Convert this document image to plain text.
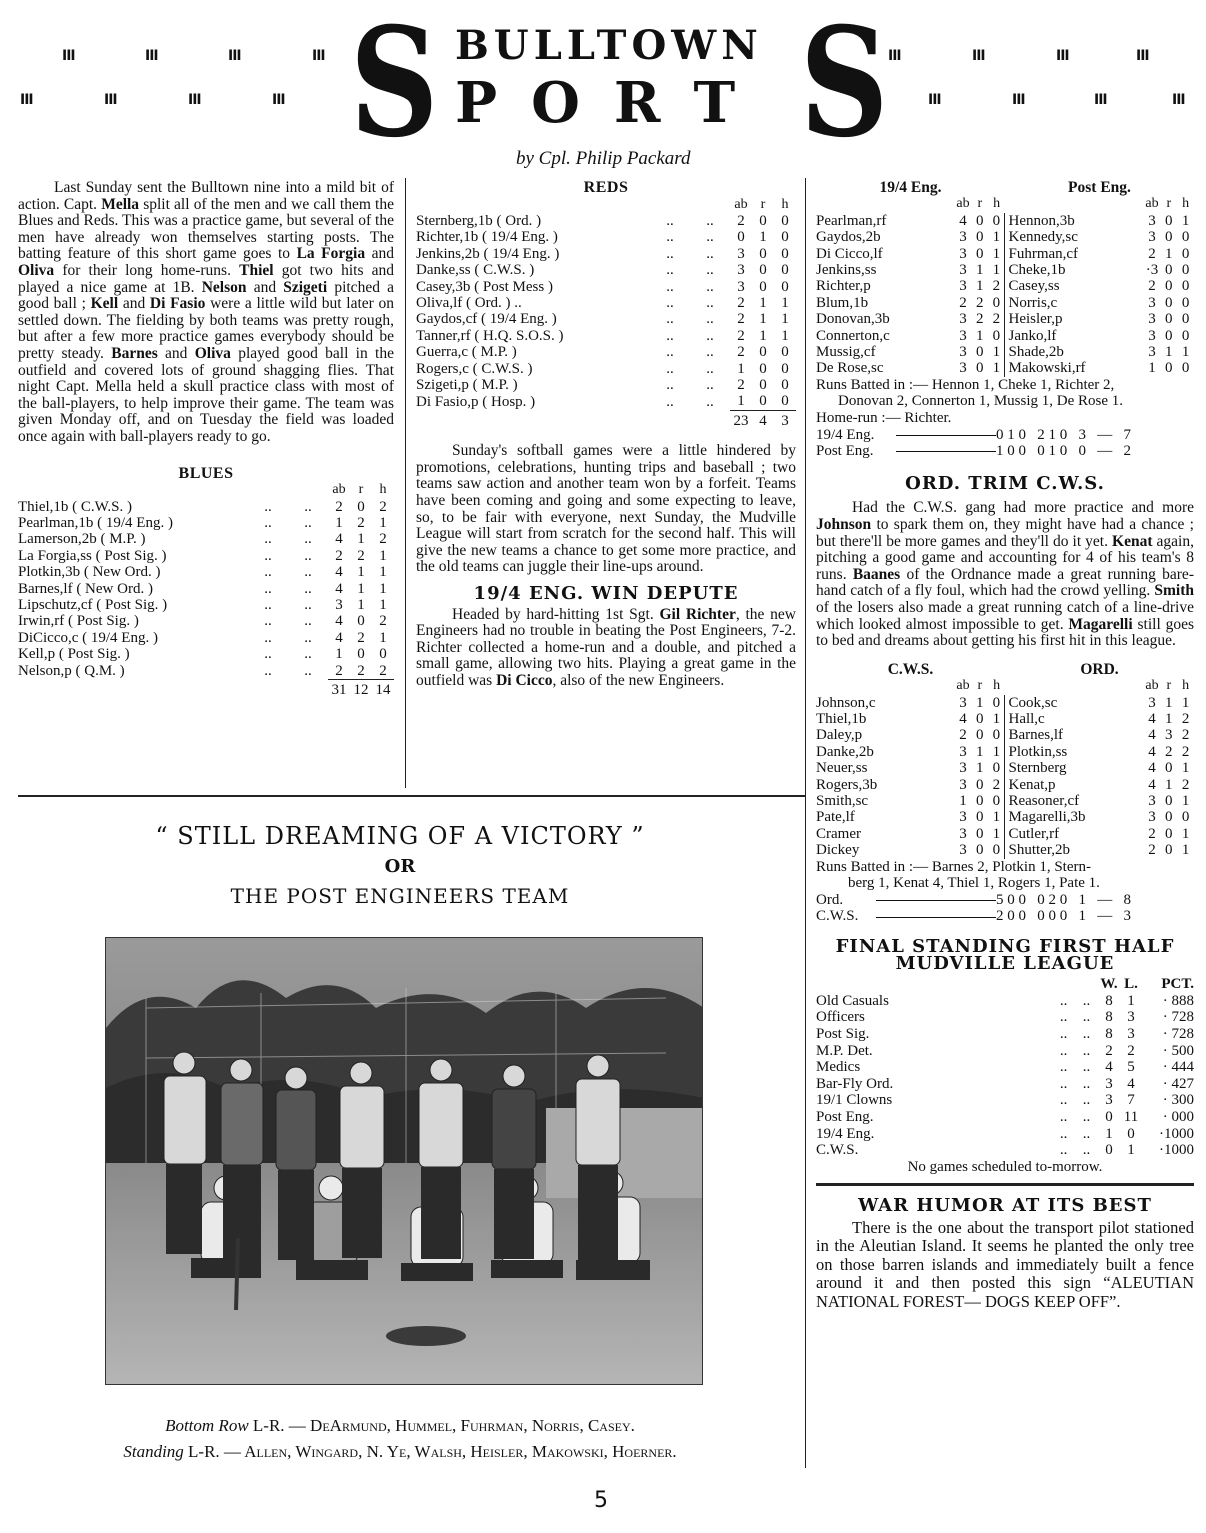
III	III	III	III
III	III	III	III S BULLTOWN
PORT S III	III	III	III
III	III	III	III
by Cpl. Philip Packard

Last Sunday sent the Bulltown nine into a mild bit of action. Capt. Mella split all of the men and we call them the Blues and Reds. This was a practice game, but several of the men have already won themselves starting posts. The batting feature of this short game goes to La Forgia and Oliva for their long home-runs. Thiel got two hits and played a nice game at 1B. Nelson and Szigeti pitched a good ball ; Kell and Di Fasio were a little wild but later on settled down. The fielding by both teams was pretty rough, but after a few more practice games everybody should be pretty steady. Barnes and Oliva played good ball in the outfield and covered lots of ground shagging flies. That night Capt. Mella held a skull practice class with most of the ball-players, to help improve their game. The team was given Monday off, and on Tuesday the field was loaded once again with ball-players ready to go.

BLUES
			ab	r	h
Thiel,1b ( C.W.S. )	..	..	2	0	2
Pearlman,1b ( 19/4 Eng. )	..	..	1	2	1
Lamerson,2b ( M.P. )	..	..	4	1	2
La Forgia,ss ( Post Sig. )	..	..	2	2	1
Plotkin,3b ( New Ord. )	..	..	4	1	1
Barnes,lf ( New Ord. )	..	..	4	1	1
Lipschutz,cf ( Post Sig. )	..	..	3	1	1
Irwin,rf ( Post Sig. )	..	..	4	0	2
DiCicco,c ( 19/4 Eng. )	..	..	4	2	1
Kell,p ( Post Sig. )	..	..	1	0	0
Nelson,p ( Q.M. )	..	..	2	2	2
			31	12	14
REDS
			ab	r	h
Sternberg,1b ( Ord. )	..	..	2	0	0
Richter,1b ( 19/4 Eng. )	..	..	0	1	0
Jenkins,2b ( 19/4 Eng. )	..	..	3	0	0
Danke,ss ( C.W.S. )	..	..	3	0	0
Casey,3b ( Post Mess )	..	..	3	0	0
Oliva,lf ( Ord. ) ..	..	..	2	1	1
Gaydos,cf ( 19/4 Eng. )	..	..	2	1	1
Tanner,rf ( H.Q. S.O.S. )	..	..	2	1	1
Guerra,c ( M.P. )	..	..	2	0	0
Rogers,c ( C.W.S. )	..	..	1	0	0
Szigeti,p ( M.P. )	..	..	2	0	0
Di Fasio,p ( Hosp. )	..	..	1	0	0
			23	4	3

Sunday's softball games were a little hindered by promotions, celebrations, hunting trips and baseball ; two teams saw action and another team won by a forfeit. Teams have been coming and going and some expecting to leave, so, to be fair with everyone, next Sunday, the Mudville League will start from scratch for the second half. This will give the new teams a chance to get some more practice, and the old teams can juggle their line-ups around.

19/4 ENG. WIN DEPUTE

Headed by hard-hitting 1st Sgt. Gil Richter, the new Engineers had no trouble in beating the Post Engineers, 7-2. Richter collected a home-run and a double, and pitched a small game, allowing two hits. Playing a great game in the outfield was Di Cicco, also of the new Engineers.

19/4 Eng.				Post Eng.			
	ab	r	h		ab	r	h
Pearlman,rf	4	0	0	Hennon,3b	3	0	1
Gaydos,2b	3	0	1	Kennedy,sc	3	0	0
Di Cicco,lf	3	0	1	Fuhrman,cf	2	1	0
Jenkins,ss	3	1	1	Cheke,1b	·3	0	0
Richter,p	3	1	2	Casey,ss	2	0	0
Blum,1b	2	2	0	Norris,c	3	0	0
Donovan,3b	3	2	2	Heisler,p	3	0	0
Connerton,c	3	1	0	Janko,lf	3	0	0
Mussig,cf	3	0	1	Shade,2b	3	1	1
De Rose,sc	3	0	1	Makowski,rf	1	0	0
Runs Batted in :— Hennon 1, Cheke 1, Richter 2,
Donovan 2, Connerton 1, Mussig 1, De Rose 1.
Home-run :— Richter.
19/4 Eng.	0 1 0   2 1 0   3   —   7
Post Eng.	1 0 0   0 1 0   0   —   2
ORD. TRIM C.W.S.

Had the C.W.S. gang had more practice and more Johnson to spark them on, they might have had a chance ; but there'll be more games and they'll do it yet. Kenat again, pitching a good game and accounting for 4 of his team's 8 runs. Baanes of the Ordnance made a great running bare-hand catch of a fly foul, which had the crowd yelling. Smith of the losers also made a great running catch of a line-drive which looked almost impossible to get. Magarelli still goes to bed and dreams about getting his first hit in this league.

C.W.S.				ORD.			
	ab	r	h		ab	r	h
Johnson,c	3	1	0	Cook,sc	3	1	1
Thiel,1b	4	0	1	Hall,c	4	1	2
Daley,p	2	0	0	Barnes,lf	4	3	2
Danke,2b	3	1	1	Plotkin,ss	4	2	2
Neuer,ss	3	1	0	Sternberg	4	0	1
Rogers,3b	3	0	2	Kenat,p	4	1	2
Smith,sc	1	0	0	Reasoner,cf	3	0	1
Pate,lf	3	0	1	Magarelli,3b	3	0	0
Cramer	3	0	1	Cutler,rf	2	0	1
Dickey	3	0	0	Shutter,2b	2	0	1
Runs Batted in :— Barnes 2, Plotkin 1, Stern-
berg 1, Kenat 4, Thiel 1, Rogers 1, Pate 1.
Ord.	5 0 0   0 2 0   1   —   8
C.W.S.	2 0 0   0 0 0   1   —   3
FINAL STANDING FIRST HALF
MUDVILLE LEAGUE
			W.	L.	PCT.
Old Casuals	..	..	8	1	· 888
Officers	..	..	8	3	· 728
Post Sig.	..	..	8	3	· 728
M.P. Det.	..	..	2	2	· 500
Medics	..	..	4	5	· 444
Bar-Fly Ord.	..	..	3	4	· 427
19/1 Clowns	..	..	3	7	· 300
Post Eng.	..	..	0	11	· 000
19/4 Eng.	..	..	1	0	·1000
C.W.S.	..	..	0	1	·1000
No games scheduled to-morrow.
WAR HUMOR AT ITS BEST

There is the one about the transport pilot stationed in the Aleutian Island. It seems he planted the only tree on those barren islands and immediately built a fence around it and then posted this sign “ALEUTIAN NATIONAL FOREST— DOGS KEEP OFF”.

“ STILL DREAMING OF A VICTORY ”
OR
THE POST ENGINEERS TEAM
Bottom Row L-R. — DeArmund, Hummel, Fuhrman, Norris, Casey.
Standing L-R. — Allen, Wingard, N. Ye, Walsh, Heisler, Makowski, Hoerner.
5
